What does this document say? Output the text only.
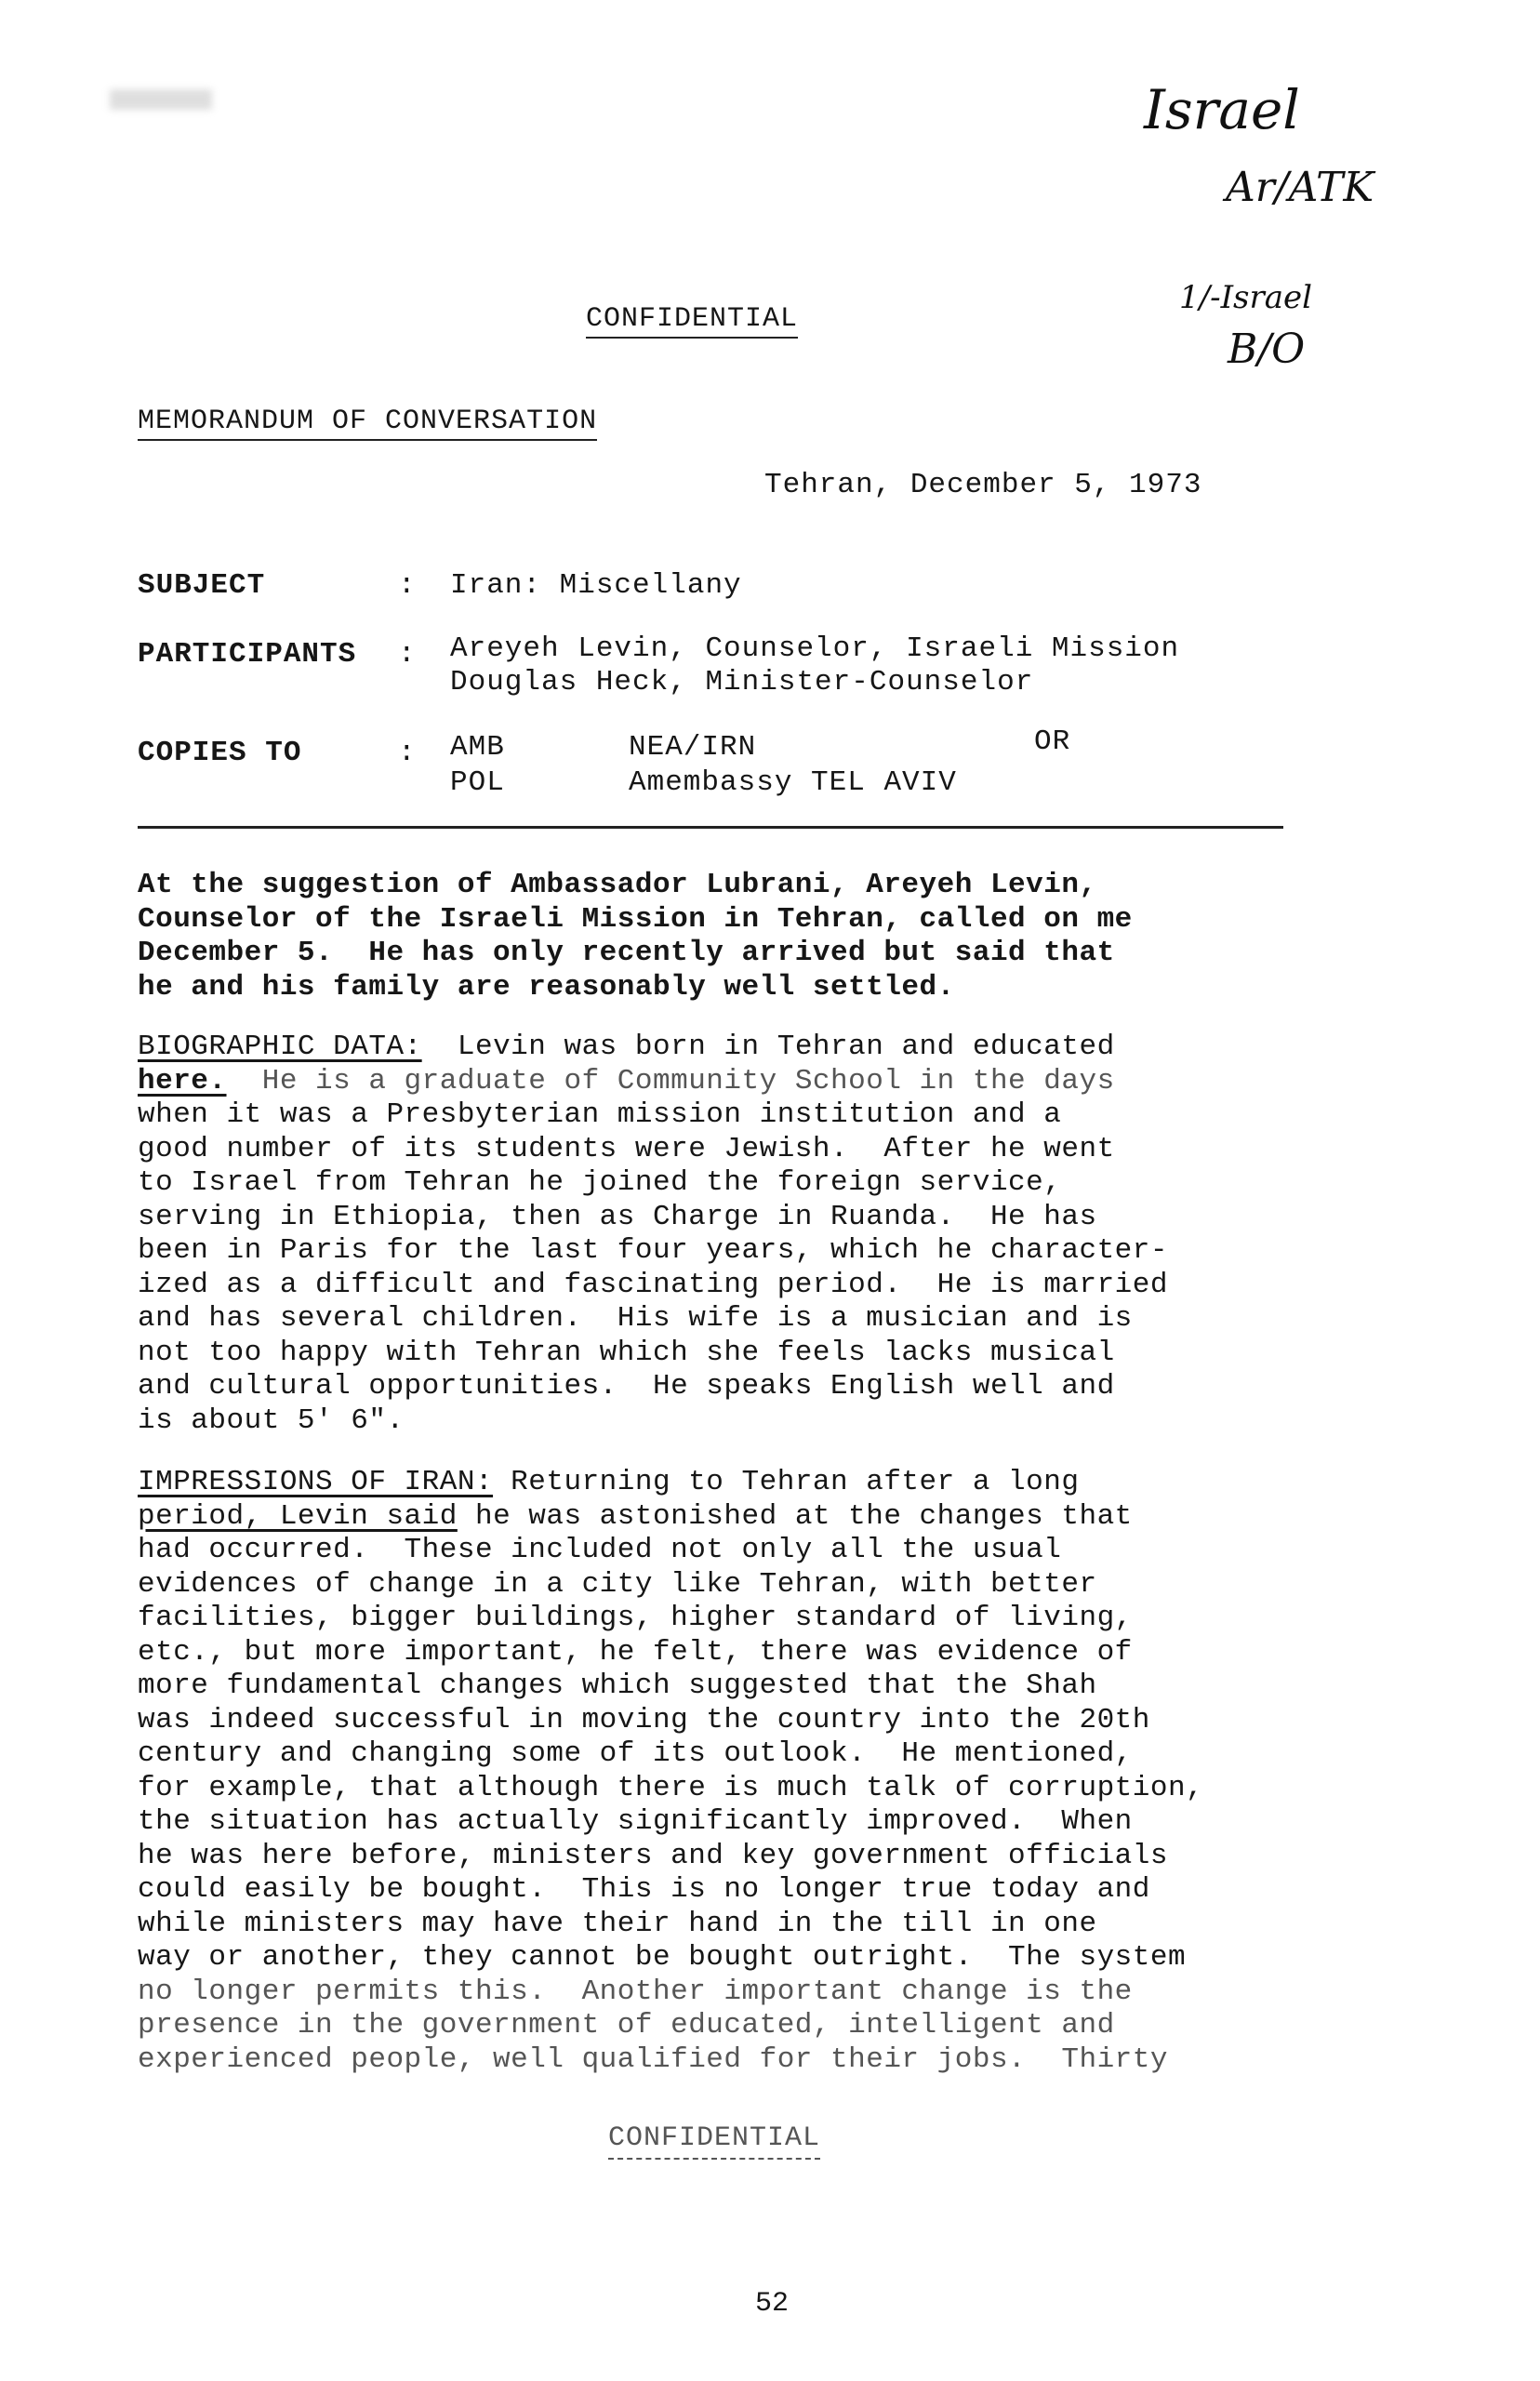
Israel
Ar/ATK
1/-Israel
B/O
CONFIDENTIAL
MEMORANDUM OF CONVERSATION
Tehran, December 5, 1973
SUBJECT	: Iran: Miscellany
PARTICIPANTS : Areyeh Levin, Counselor, Israeli Mission
Douglas Heck, Minister-Counselor
COPIES TO	: AMB	NEA/IRN	OR
POL	Amembassy TEL AVIV
At the suggestion of Ambassador Lubrani, Areyeh Levin,
Counselor of the Israeli Mission in Tehran, called on me
December 5.  He has only recently arrived but said that
he and his family are reasonably well settled.
BIOGRAPHIC DATA:  Levin was born in Tehran and educated
here.  He is a graduate of Community School in the days
when it was a Presbyterian mission institution and a
good number of its students were Jewish.  After he went
to Israel from Tehran he joined the foreign service,
serving in Ethiopia, then as Charge in Ruanda.  He has
been in Paris for the last four years, which he character-
ized as a difficult and fascinating period.  He is married
and has several children.  His wife is a musician and is
not too happy with Tehran which she feels lacks musical
and cultural opportunities.  He speaks English well and
is about 5' 6".
IMPRESSIONS OF IRAN: Returning to Tehran after a long
period, Levin said he was astonished at the changes that
had occurred.  These included not only all the usual
evidences of change in a city like Tehran, with better
facilities, bigger buildings, higher standard of living,
etc., but more important, he felt, there was evidence of
more fundamental changes which suggested that the Shah
was indeed successful in moving the country into the 20th
century and changing some of its outlook.  He mentioned,
for example, that although there is much talk of corruption,
the situation has actually significantly improved.  When
he was here before, ministers and key government officials
could easily be bought.  This is no longer true today and
while ministers may have their hand in the till in one
way or another, they cannot be bought outright.  The system
no longer permits this.  Another important change is the
presence in the government of educated, intelligent and
experienced people, well qualified for their jobs.  Thirty
CONFIDENTIAL
52
